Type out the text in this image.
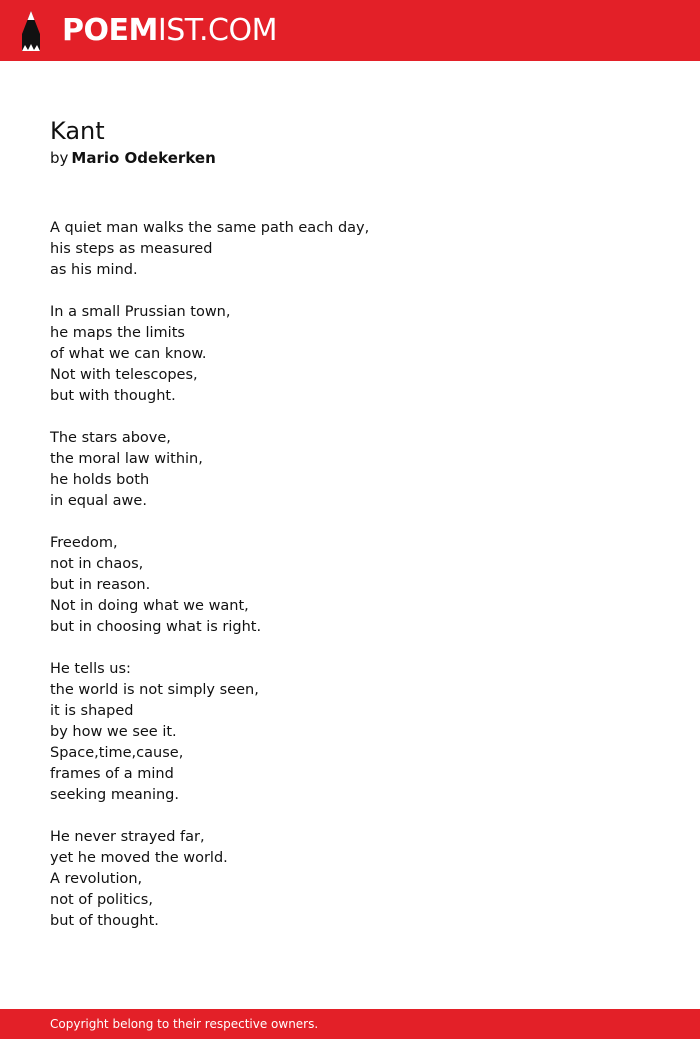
POEMIST.COM
Kant
by Mario Odekerken
A quiet man walks the same path each day,
his steps as measured
as his mind.
In a small Prussian town,
he maps the limits
of what we can know.
Not with telescopes,
but with thought.
The stars above,
the moral law within,
he holds both
in equal awe.
Freedom,
not in chaos,
but in reason.
Not in doing what we want,
but in choosing what is right.
He tells us:
the world is not simply seen,
it is shaped
by how we see it.
Space,time,cause,
frames of a mind
seeking meaning.
He never strayed far,
yet he moved the world.
A revolution,
not of politics,
but of thought.
Copyright belong to their respective owners.
